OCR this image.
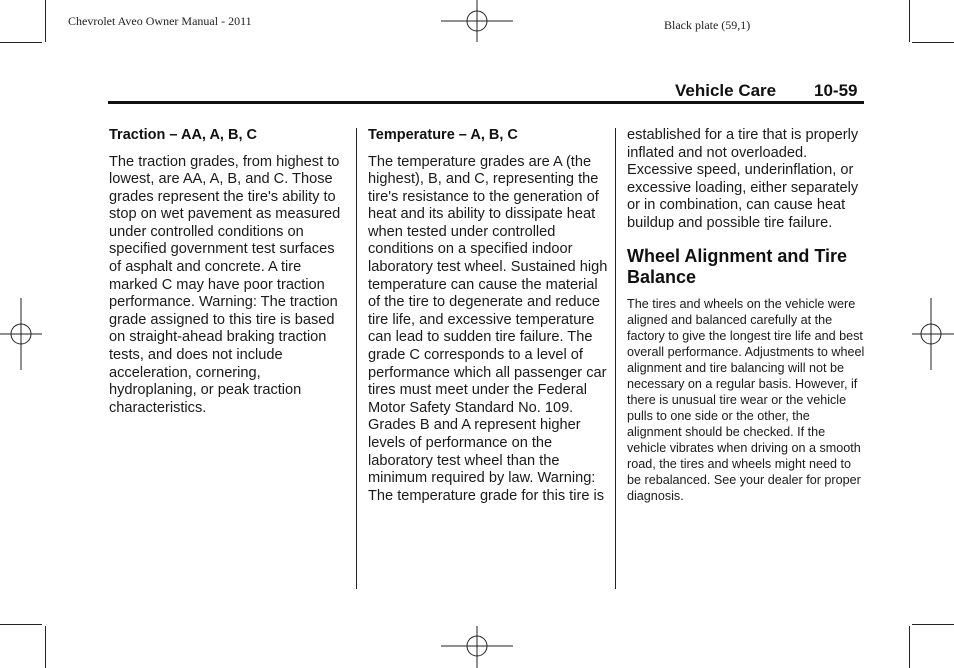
Chevrolet Aveo Owner Manual - 2011	Black plate (59,1)
Vehicle Care 10-59
Traction – AA, A, B, C

The traction grades, from highest to lowest, are AA, A, B, and C. Those grades represent the tire's ability to stop on wet pavement as measured under controlled conditions on specified government test surfaces of asphalt and concrete. A tire marked C may have poor traction performance. Warning: The traction grade assigned to this tire is based on straight-ahead braking traction tests, and does not include acceleration, cornering, hydroplaning, or peak traction characteristics.

Temperature – A, B, C

The temperature grades are A (the highest), B, and C, representing the tire's resistance to the generation of heat and its ability to dissipate heat when tested under controlled conditions on a specified indoor laboratory test wheel. Sustained high temperature can cause the material of the tire to degenerate and reduce tire life, and excessive temperature can lead to sudden tire failure. The grade C corresponds to a level of performance which all passenger car tires must meet under the Federal Motor Safety Standard No. 109. Grades B and A represent higher levels of performance on the laboratory test wheel than the minimum required by law. Warning: The temperature grade for this tire is

established for a tire that is properly inflated and not overloaded. Excessive speed, underinflation, or excessive loading, either separately or in combination, can cause heat buildup and possible tire failure.

Wheel Alignment and Tire Balance

The tires and wheels on the vehicle were aligned and balanced carefully at the factory to give the longest tire life and best overall performance. Adjustments to wheel alignment and tire balancing will not be necessary on a regular basis. However, if there is unusual tire wear or the vehicle pulls to one side or the other, the alignment should be checked. If the vehicle vibrates when driving on a smooth road, the tires and wheels might need to be rebalanced. See your dealer for proper diagnosis.
